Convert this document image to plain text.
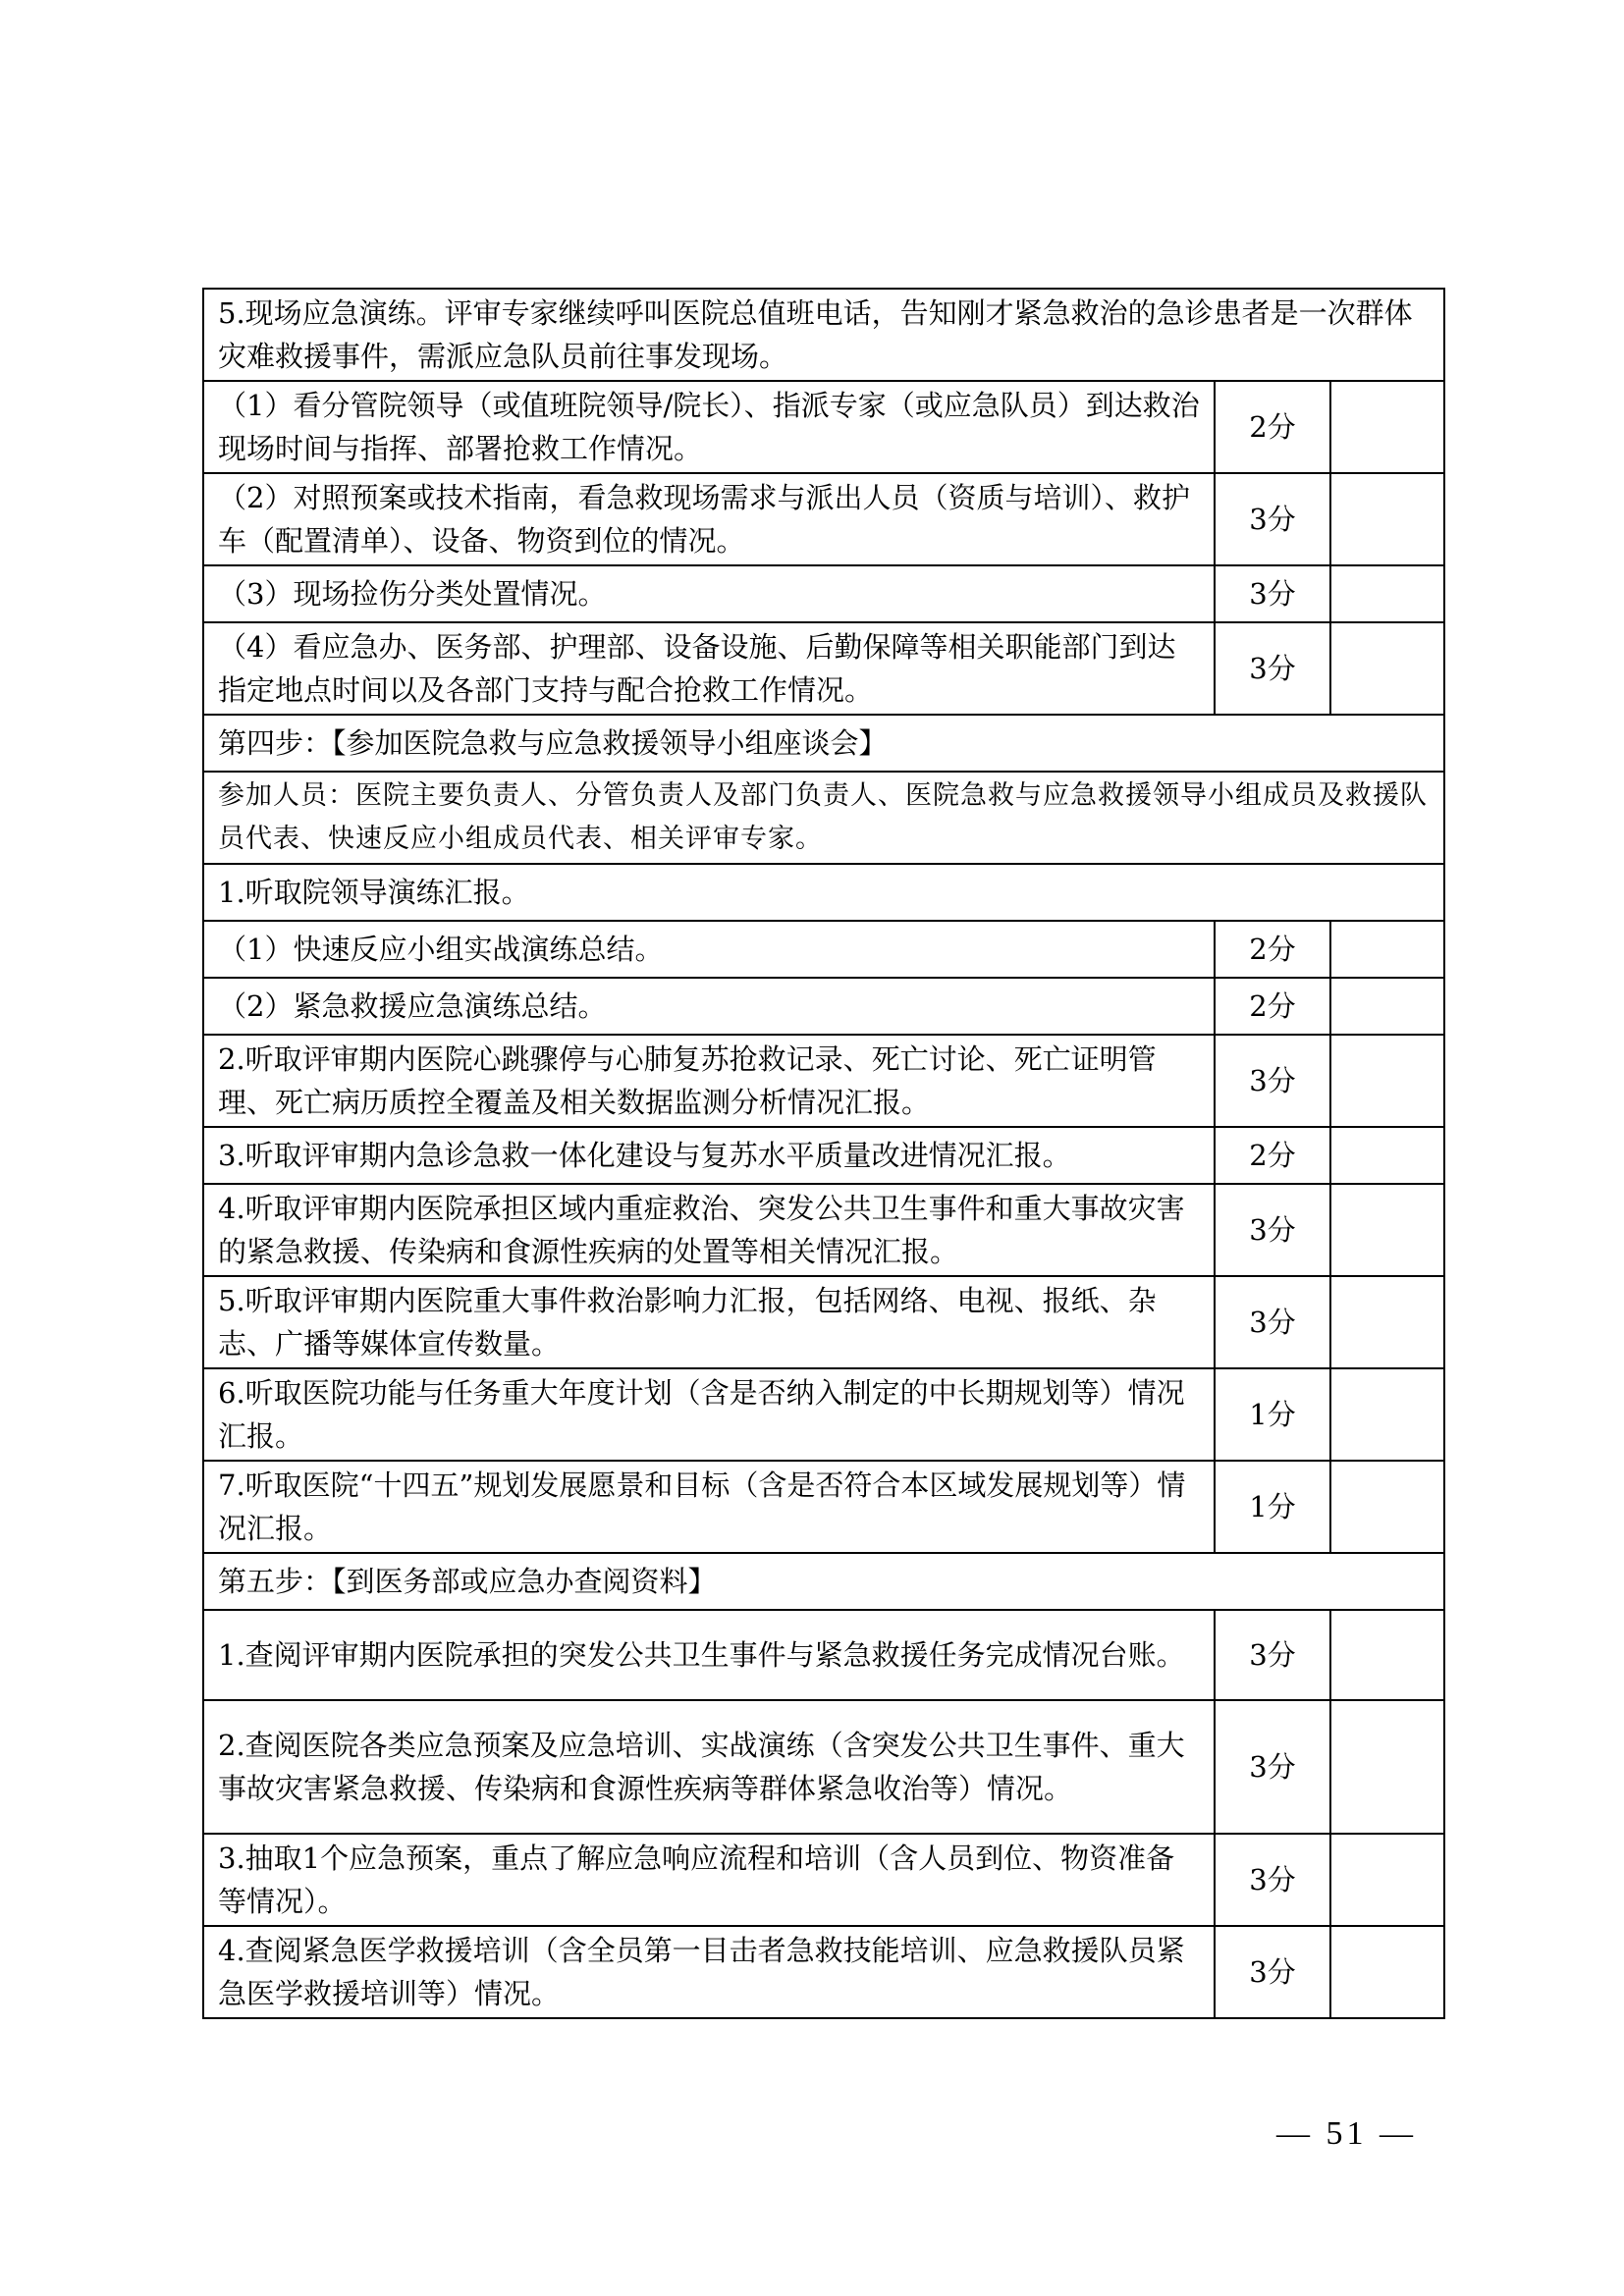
5.现场应急演练。评审专家继续呼叫医院总值班电话，告知刚才紧急救治的急诊患者是一次群体灾难救援事件，需派应急队员前往事发现场。		
（1）看分管院领导（或值班院领导/院长）、指派专家（或应急队员）到达救治现场时间与指挥、部署抢救工作情况。	2分	
（2）对照预案或技术指南，看急救现场需求与派出人员（资质与培训）、救护车（配置清单）、设备、物资到位的情况。	3分	
（3）现场捡伤分类处置情况。	3分	
（4）看应急办、医务部、护理部、设备设施、后勤保障等相关职能部门到达指定地点时间以及各部门支持与配合抢救工作情况。	3分	
第四步：【参加医院急救与应急救援领导小组座谈会】		
参加人员：医院主要负责人、分管负责人及部门负责人、医院急救与应急救援领导小组成员及救援队员代表、快速反应小组成员代表、相关评审专家。		
1.听取院领导演练汇报。		
（1）快速反应小组实战演练总结。	2分	
（2）紧急救援应急演练总结。	2分	
2.听取评审期内医院心跳骤停与心肺复苏抢救记录、死亡讨论、死亡证明管理、死亡病历质控全覆盖及相关数据监测分析情况汇报。	3分	
3.听取评审期内急诊急救一体化建设与复苏水平质量改进情况汇报。	2分	
4.听取评审期内医院承担区域内重症救治、突发公共卫生事件和重大事故灾害的紧急救援、传染病和食源性疾病的处置等相关情况汇报。	3分	
5.听取评审期内医院重大事件救治影响力汇报，包括网络、电视、报纸、杂志、广播等媒体宣传数量。	3分	
6.听取医院功能与任务重大年度计划（含是否纳入制定的中长期规划等）情况汇报。	1分	
7.听取医院“十四五”规划发展愿景和目标（含是否符合本区域发展规划等）情况汇报。	1分	
第五步：【到医务部或应急办查阅资料】		
1.查阅评审期内医院承担的突发公共卫生事件与紧急救援任务完成情况台账。	3分	
2.查阅医院各类应急预案及应急培训、实战演练（含突发公共卫生事件、重大事故灾害紧急救援、传染病和食源性疾病等群体紧急收治等）情况。	3分	
3.抽取1个应急预案，重点了解应急响应流程和培训（含人员到位、物资准备等情况）。	3分	
4.查阅紧急医学救援培训（含全员第一目击者急救技能培训、应急救援队员紧急医学救援培训等）情况。	3分	
— 51 —
